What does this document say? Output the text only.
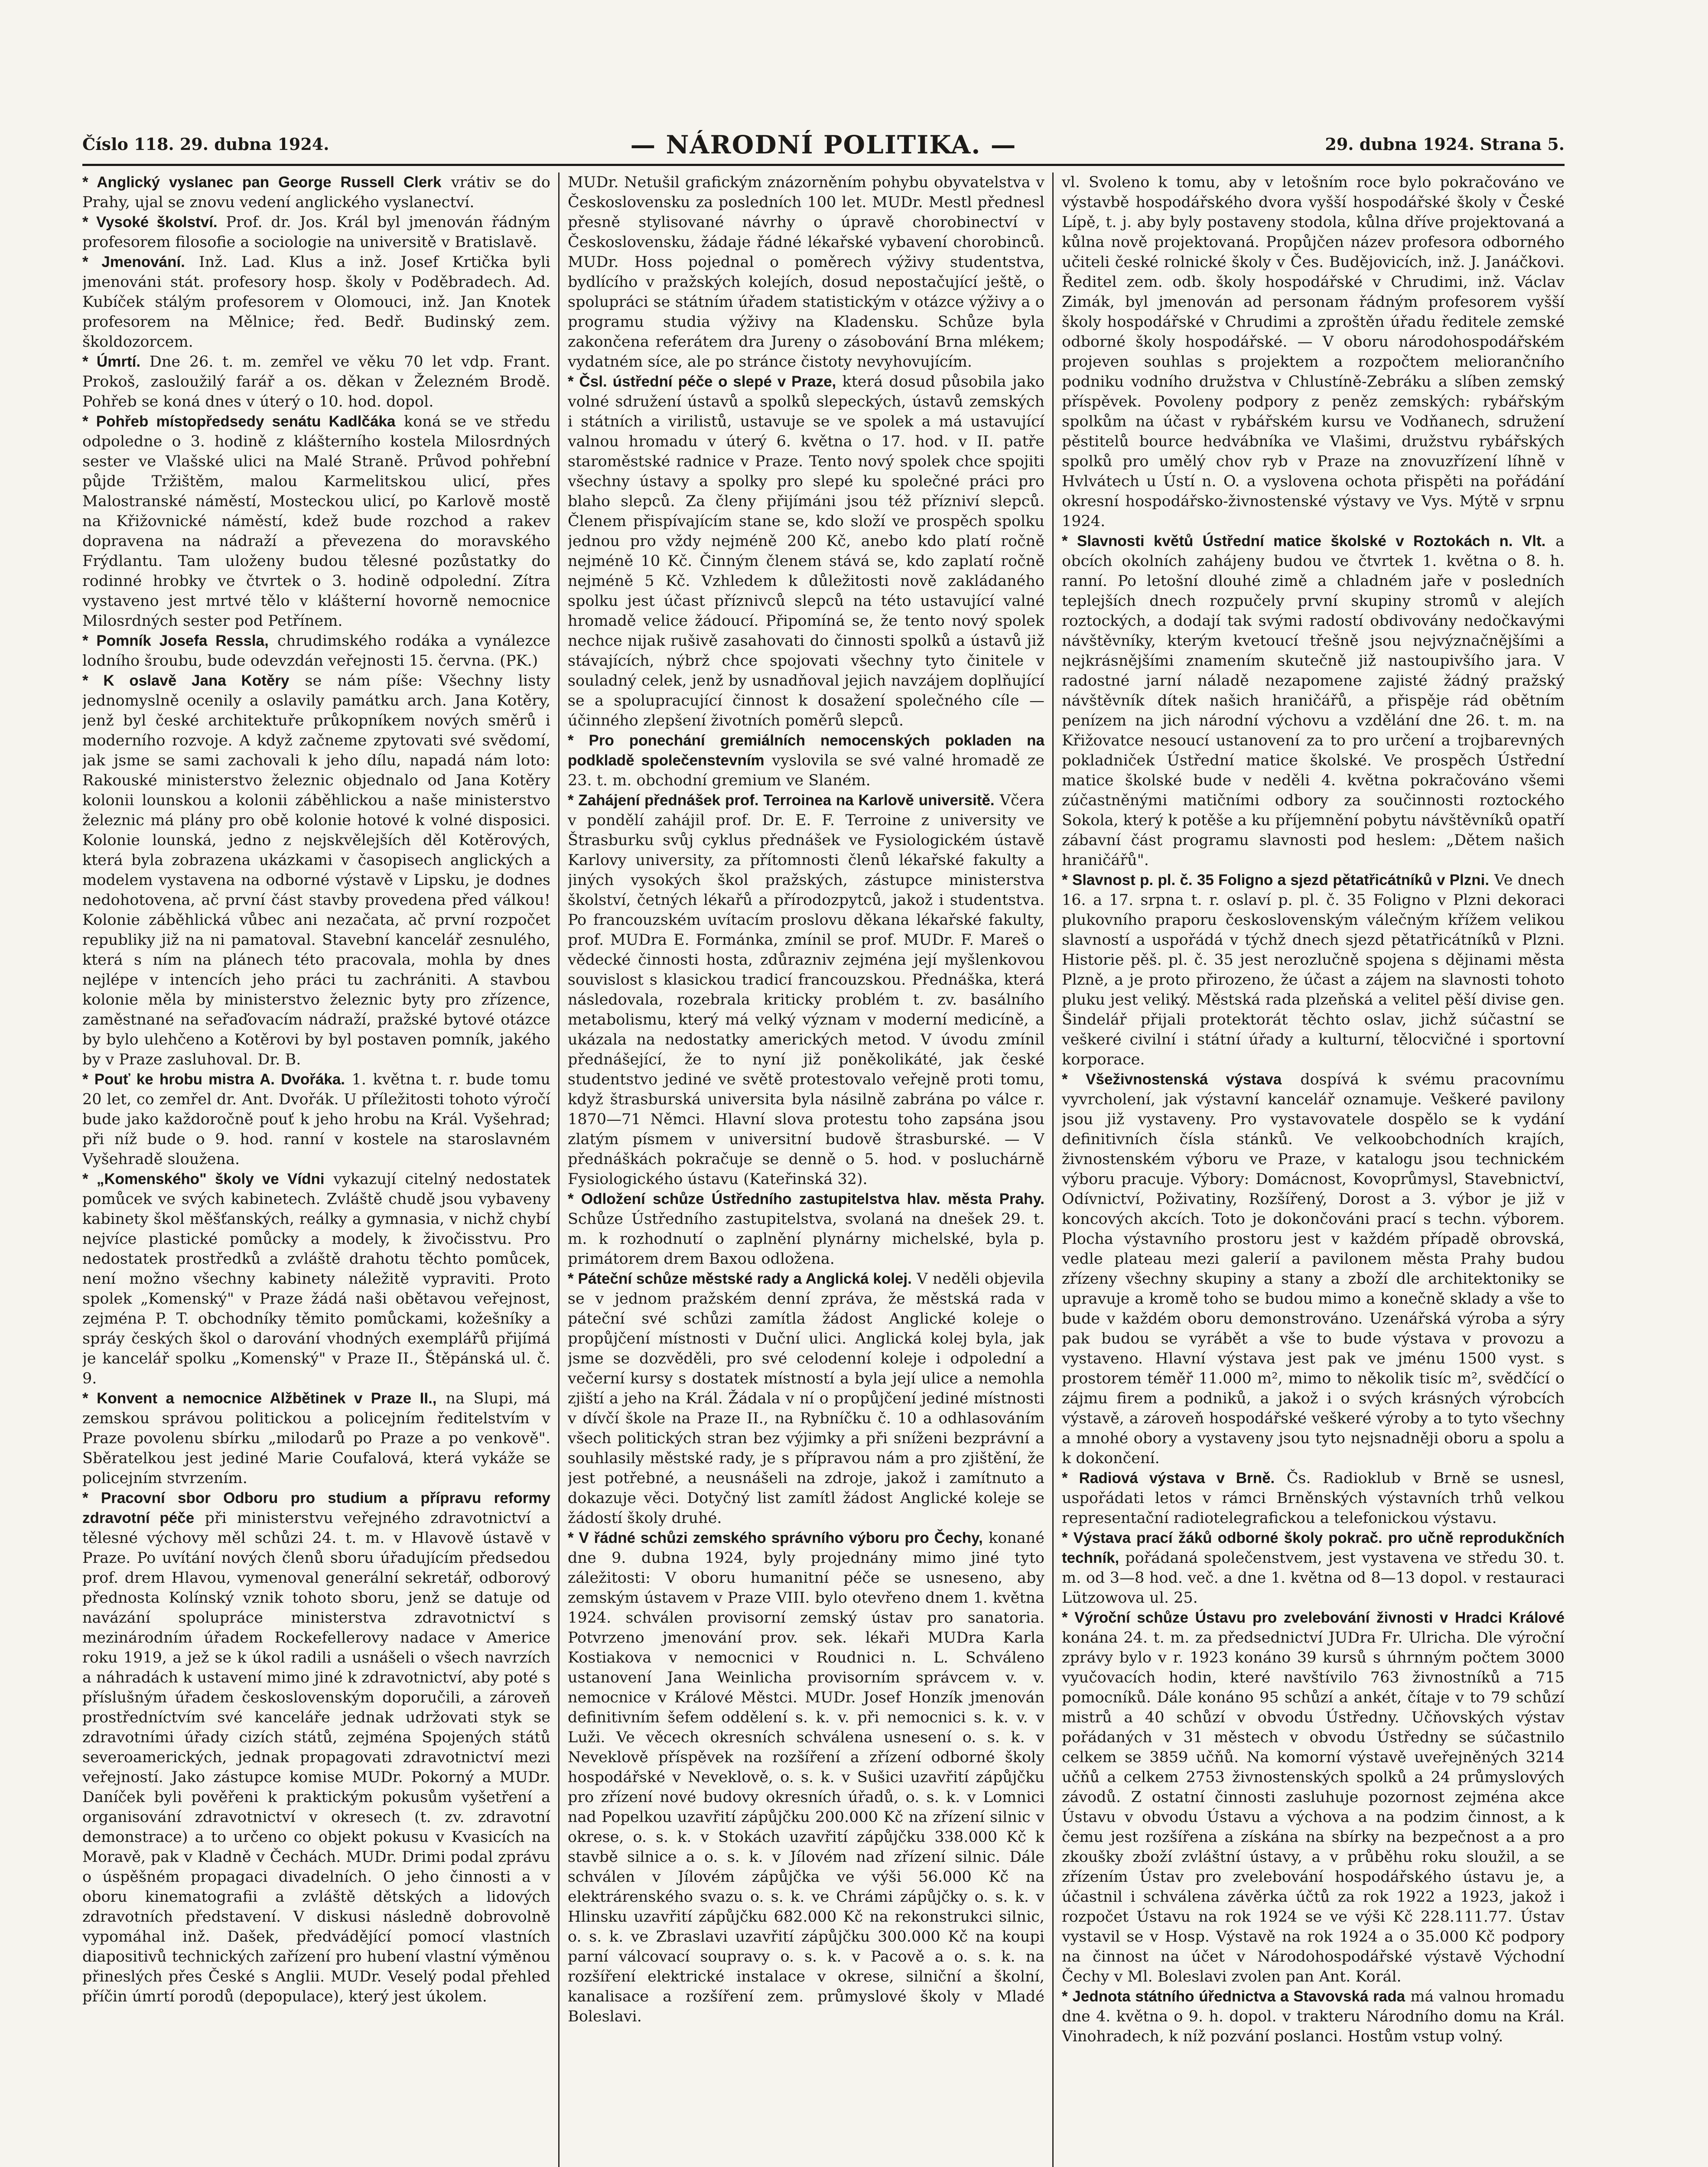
Číslo 118. 29. dubna 1924.	— NÁRODNÍ POLITIKA. —	29. dubna 1924. Strana 5.

* Anglický vyslanec pan George Russell Clerk vrátiv se do Prahy, ujal se znovu vedení anglického vyslanectví.

* Vysoké školství. Prof. dr. Jos. Král byl jmenován řádným profesorem filosofie a sociologie na universitě v Bratislavě.

* Jmenování. Inž. Lad. Klus a inž. Josef Krtička byli jmenováni stát. profesory hosp. školy v Poděbradech. Ad. Kubíček stálým profesorem v Olomouci, inž. Jan Knotek profesorem na Mělnice; řed. Bedř. Budinský zem. školdozorcem.

* Úmrtí. Dne 26. t. m. zemřel ve věku 70 let vdp. Frant. Prokoš, zasloužilý farář a os. děkan v Železném Brodě. Pohřeb se koná dnes v úterý o 10. hod. dopol.

* Pohřeb místopředsedy senátu Kadlčáka koná se ve středu odpoledne o 3. hodině z klášterního kostela Milosrdných sester ve Vlašské ulici na Malé Straně. Průvod pohřební půjde Tržištěm, malou Karmelitskou ulicí, přes Malostranské náměstí, Mosteckou ulicí, po Karlově mostě na Křižovnické náměstí, kdež bude rozchod a rakev dopravena na nádraží a převezena do moravského Frýdlantu. Tam uloženy budou tělesné pozůstatky do rodinné hrobky ve čtvrtek o 3. hodině odpolední. Zítra vystaveno jest mrtvé tělo v klášterní hovorně nemocnice Milosrdných sester pod Petřínem.

* Pomník Josefa Ressla, chrudimského rodáka a vynálezce lodního šroubu, bude odevzdán veřejnosti 15. června. (PK.)

* K oslavě Jana Kotěry se nám píše: Všechny listy jednomyslně ocenily a oslavily památku arch. Jana Kotěry, jenž byl české architektuře průkopníkem nových směrů i moderního rozvoje. A když začneme zpytovati své svědomí, jak jsme se sami zachovali k jeho dílu, napadá nám loto: Rakouské ministerstvo železnic objednalo od Jana Kotěry kolonii lounskou a kolonii záběhlickou a naše ministerstvo železnic má plány pro obě kolonie hotové k volné disposici. Kolonie lounská, jedno z nejskvělejších děl Kotěrových, která byla zobrazena ukázkami v časopisech anglických a modelem vystavena na odborné výstavě v Lipsku, je dodnes nedohotovena, ač první část stavby provedena před válkou! Kolonie záběhlická vůbec ani nezačata, ač první rozpočet republiky již na ni pamatoval. Stavební kancelář zesnulého, která s ním na plánech této pracovala, mohla by dnes nejlépe v intencích jeho práci tu zachrániti. A stavbou kolonie měla by ministerstvo železnic byty pro zřízence, zaměstnané na seřaďovacím nádraží, pražské bytové otázce by bylo ulehčeno a Kotěrovi by byl postaven pomník, jakého by v Praze zasluhoval. Dr. B.

* Pouť ke hrobu mistra A. Dvořáka. 1. května t. r. bude tomu 20 let, co zemřel dr. Ant. Dvořák. U příležitosti tohoto výročí bude jako každoročně pouť k jeho hrobu na Král. Vyšehrad; při níž bude o 9. hod. ranní v kostele na staroslavném Vyšehradě sloužena.

* „Komenského" školy ve Vídni vykazují citelný nedostatek pomůcek ve svých kabinetech. Zvláště chudě jsou vybaveny kabinety škol měšťanských, reálky a gymnasia, v nichž chybí nejvíce plastické pomůcky a modely, k živočisstvu. Pro nedostatek prostředků a zvláště drahotu těchto pomůcek, není možno všechny kabinety náležitě vypraviti. Proto spolek „Komenský" v Praze žádá naši obětavou veřejnost, zejména P. T. obchodníky těmito pomůckami, kožešníky a spráy českých škol o darování vhodných exemplářů přijímá je kancelář spolku „Komenský" v Praze II., Štěpánská ul. č. 9.

* Konvent a nemocnice Alžbětinek v Praze II., na Slupi, má zemskou správou politickou a policejním ředitelstvím v Praze povolenu sbírku „milodarů po Praze a po venkově". Sběratelkou jest jediné Marie Coufalová, která vykáže se policejním stvrzením.

* Pracovní sbor Odboru pro studium a přípravu reformy zdravotní péče při ministerstvu veřejného zdravotnictví a tělesné výchovy měl schůzi 24. t. m. v Hlavově ústavě v Praze. Po uvítání nových členů sboru úřadujícím předsedou prof. drem Hlavou, vymenoval generální sekretář, odborový přednosta Kolínský vznik tohoto sboru, jenž se datuje od navázání spolupráce ministerstva zdravotnictví s mezinárodním úřadem Rockefellerovy nadace v Americe roku 1919, a jež se k úkol radili a usnášeli o všech navrzích a náhradách k ustavení mimo jiné k zdravotnictví, aby poté s příslušným úřadem československým doporučili, a zároveň prostředníctvím své kanceláře jednak udržovati styk se zdravotními úřady cizích států, zejména Spojených států severoamerických, jednak propagovati zdravotnictví mezi veřejností. Jako zástupce komise MUDr. Pokorný a MUDr. Daníček byli pověřeni k praktickým pokusům vyšetření a organisování zdravotnictví v okresech (t. zv. zdravotní demonstrace) a to určeno co objekt pokusu v Kvasicích na Moravě, pak v Kladně v Čechách. MUDr. Drimi podal zprávu o úspěšném propagaci divadelních. O jeho činnosti a v oboru kinematografii a zvláště dětských a lidových zdravotních představení. V diskusi následně dobrovolně vypomáhal inž. Dašek, předvádějící pomocí vlastních diapositivů technických zařízení pro hubení vlastní výměnou přineslých přes České s Anglii. MUDr. Veselý podal přehled příčin úmrtí porodů (depopulace), který jest úkolem.

MUDr. Netušil grafickým znázorněním pohybu obyvatelstva v Československu za posledních 100 let. MUDr. Mestl přednesl přesně stylisované návrhy o úpravě chorobinectví v Československu, žádaje řádné lékařské vybavení chorobinců. MUDr. Hoss pojednal o poměrech výživy studentstva, bydlícího v pražských kolejích, dosud nepostačující ještě, o spolupráci se státním úřadem statistickým v otázce výživy a o programu studia výživy na Kladensku. Schůze byla zakončena referátem dra Jureny o zásobování Brna mlékem; vydatném síce, ale po stránce čistoty nevyhovujícím.

* Čsl. ústřední péče o slepé v Praze, která dosud působila jako volné sdružení ústavů a spolků slepeckých, ústavů zemských i státních a virilistů, ustavuje se ve spolek a má ustavující valnou hromadu v úterý 6. května o 17. hod. v II. patře staroměstské radnice v Praze. Tento nový spolek chce spojiti všechny ústavy a spolky pro slepé ku společné práci pro blaho slepců. Za členy přijímáni jsou též přízniví slepců. Členem přispívajícím stane se, kdo složí ve prospěch spolku jednou pro vždy nejméně 200 Kč, anebo kdo platí ročně nejméně 10 Kč. Činným členem stává se, kdo zaplatí ročně nejméně 5 Kč. Vzhledem k důležitosti nově zakládaného spolku jest účast příznivců slepců na této ustavující valné hromadě velice žádoucí. Připomíná se, že tento nový spolek nechce nijak rušivě zasahovati do činnosti spolků a ústavů již stávajících, nýbrž chce spojovati všechny tyto činitele v souladný celek, jenž by usnadňoval jejich navzájem doplňující se a spolupracující činnost k dosažení společného cíle — účinného zlepšení životních poměrů slepců.

* Pro ponechání gremiálních nemocenských pokladen na podkladě společenstevním vyslovila se své valné hromadě ze 23. t. m. obchodní gremium ve Slaném.

* Zahájení přednášek prof. Terroinea na Karlově universitě. Včera v pondělí zahájil prof. Dr. E. F. Terroine z university ve Štrasburku svůj cyklus přednášek ve Fysiologickém ústavě Karlovy university, za přítomnosti členů lékařské fakulty a jiných vysokých škol pražských, zástupce ministerstva školství, četných lékařů a přírodozpytců, jakož i studentstva. Po francouzském uvítacím proslovu děkana lékařské fakulty, prof. MUDra E. Formánka, zmínil se prof. MUDr. F. Mareš o vědecké činnosti hosta, zdůrazniv zejména její myšlenkovou souvislost s klasickou tradicí francouzskou. Přednáška, která následovala, rozebrala kriticky problém t. zv. basálního metabolismu, který má velký význam v moderní medicíně, a ukázala na nedostatky amerických metod. V úvodu zmínil přednášející, že to nyní již poněkolikáté, jak české studentstvo jediné ve světě protestovalo veřejně proti tomu, když štrasburská universita byla násilně zabrána po válce r. 1870—71 Němci. Hlavní slova protestu toho zapsána jsou zlatým písmem v universitní budově štrasburské. — V přednáškách pokračuje se denně o 5. hod. v posluchárně Fysiologického ústavu (Kateřinská 32).

* Odložení schůze Ústředního zastupitelstva hlav. města Prahy. Schůze Ústředního zastupitelstva, svolaná na dnešek 29. t. m. k rozhodnutí o zaplnění plynárny michelské, byla p. primátorem drem Baxou odložena.

* Páteční schůze městské rady a Anglická kolej. V neděli objevila se v jednom pražském denní zpráva, že městská rada v páteční své schůzi zamítla žádost Anglické koleje o propůjčení místnosti v Duční ulici. Anglická kolej byla, jak jsme se dozvěděli, pro své celodenní koleje i odpolední a večerní kursy s dostatek místností a byla její ulice a nemohla zjiští a jeho na Král. Žádala v ní o propůjčení jediné místnosti v dívčí škole na Praze II., na Rybníčku č. 10 a odhlasováním všech politických stran bez výjimky a při sníženi bezprávní a souhlasily městské rady, je s přípravou nám a pro zjištění, že jest potřebné, a neusnášeli na zdroje, jakož i zamítnuto a dokazuje věci. Dotyčný list zamítl žádost Anglické koleje se žádostí školy druhé.

* V řádné schůzi zemského správního výboru pro Čechy, konané dne 9. dubna 1924, byly projednány mimo jiné tyto záležitosti: V oboru humanitní péče se usneseno, aby zemským ústavem v Praze VIII. bylo otevřeno dnem 1. května 1924. schválen provisorní zemský ústav pro sanatoria. Potvrzeno jmenování prov. sek. lékaři MUDra Karla Kostiakova v nemocnici v Roudnici n. L. Schváleno ustanovení Jana Weinlicha provisorním správcem v. v. nemocnice v Králové Městci. MUDr. Josef Honzík jmenován definitivním šefem oddělení s. k. v. při nemocnici s. k. v. v Luži. Ve věcech okresních schválena usnesení o. s. k. v Neveklově příspěvek na rozšíření a zřízení odborné školy hospodářské v Neveklově, o. s. k. v Sušici uzavřití zápůjčku pro zřízení nové budovy okresních úřadů, o. s. k. v Lomnici nad Popelkou uzavřití zápůjčku 200.000 Kč na zřízení silnic v okrese, o. s. k. v Stokách uzavřití zápůjčku 338.000 Kč k stavbě silnice a o. s. k. v Jílovém nad zřízení silnic. Dále schválen v Jílovém zápůjčka ve výši 56.000 Kč na elektrárenského svazu o. s. k. ve Chrámi zápůjčky o. s. k. v Hlinsku uzavřití zápůjčku 682.000 Kč na rekonstrukci silnic, o. s. k. ve Zbraslavi uzavřití zápůjčku 300.000 Kč na koupi parní válcovací soupravy o. s. k. v Pacově a o. s. k. na rozšíření elektrické instalace v okrese, silniční a školní, kanalisace a rozšíření zem. průmyslové školy v Mladé Boleslavi.

vl. Svoleno k tomu, aby v letošním roce bylo pokračováno ve výstavbě hospodářského dvora vyšší hospodářské školy v České Lípě, t. j. aby byly postaveny stodola, kůlna dříve projektovaná a kůlna nově projektovaná. Propůjčen název profesora odborného učiteli české rolnické školy v Čes. Budějovicích, inž. J. Janáčkovi. Ředitel zem. odb. školy hospodářské v Chrudimi, inž. Václav Zimák, byl jmenován ad personam řádným profesorem vyšší školy hospodářské v Chrudimi a zproštěn úřadu ředitele zemské odborné školy hospodářské. — V oboru národohospodářském projeven souhlas s projektem a rozpočtem meliorančního podniku vodního družstva v Chlustíně-Zebráku a slíben zemský příspěvek. Povoleny podpory z peněz zemských: rybářským spolkům na účast v rybářském kursu ve Vodňanech, sdružení pěstitelů bource hedvábníka ve Vlašimi, družstvu rybářských spolků pro umělý chov ryb v Praze na znovuzřízení líhně v Hvlvátech u Ústí n. O. a vyslovena ochota přispěti na pořádání okresní hospodářsko-živnostenské výstavy ve Vys. Mýtě v srpnu 1924.

* Slavnosti květů Ústřední matice školské v Roztokách n. Vlt. a obcích okolních zahájeny budou ve čtvrtek 1. května o 8. h. ranní. Po letošní dlouhé zimě a chladném jaře v posledních teplejších dnech rozpučely první skupiny stromů v alejích roztockých, a dodají tak svými radostí obdivovány nedočkavými návštěvníky, kterým kvetoucí třešně jsou nejvýznačnějšími a nejkrásnějšími znamením skutečně již nastoupivšího jara. V radostné jarní náladě nezapomene zajisté žádný pražský návštěvník dítek našich hraničářů, a přispěje rád obětním penízem na jich národní výchovu a vzdělání dne 26. t. m. na Křižovatce nesoucí ustanovení za to pro určení a trojbarevných pokladniček Ústřední matice školské. Ve prospěch Ústřední matice školské bude v neděli 4. května pokračováno všemi zúčastněnými matičními odbory za součinnosti roztockého Sokola, který k potěše a ku příjemnění pobytu návštěvníků opatří zábavní část programu slavnosti pod heslem: „Dětem našich hraničářů".

* Slavnost p. pl. č. 35 Foligno a sjezd pětatřicátníků v Plzni. Ve dnech 16. a 17. srpna t. r. oslaví p. pl. č. 35 Foligno v Plzni dekoraci plukovního praporu československým válečným křížem velikou slavností a uspořádá v týchž dnech sjezd pětatřicátníků v Plzni. Historie pěš. pl. č. 35 jest nerozlučně spojena s dějinami města Plzně, a je proto přirozeno, že účast a zájem na slavnosti tohoto pluku jest veliký. Městská rada plzeňská a velitel pěší divise gen. Šindelář přijali protektorát těchto oslav, jichž súčastní se veškeré civilní i státní úřady a kulturní, tělocvičné i sportovní korporace.

* Všeživnostenská výstava dospívá k svému pracovnímu vyvrcholení, jak výstavní kancelář oznamuje. Veškeré pavilony jsou již vystaveny. Pro vystavovatele dospělo se k vydání definitivních čísla stánků. Ve velkoobchodních krajích, živnostenském výboru ve Praze, v katalogu jsou technickém výboru pracuje. Výbory: Domácnost, Kovoprůmysl, Stavebnictví, Odívnictví, Poživatiny, Rozšířený, Dorost a 3. výbor je již v koncových akcích. Toto je dokončováni prací s techn. výborem. Plocha výstavního prostoru jest v každém případě obrovská, vedle plateau mezi galerií a pavilonem města Prahy budou zřízeny všechny skupiny a stany a zboží dle architektoniky se upravuje a kromě toho se budou mimo a konečně sklady a vše to bude v každém oboru demonstrováno. Uzenářská výroba a sýry pak budou se vyrábět a vše to bude výstava v provozu a vystaveno. Hlavní výstava jest pak ve jménu 1500 vyst. s prostorem téměř 11.000 m², mimo to několik tisíc m², svědčící o zájmu firem a podniků, a jakož i o svých krásných výrobcích výstavě, a zároveň hospodářské veškeré výroby a to tyto všechny a mnohé obory a vystaveny jsou tyto nejsnadněji oboru a spolu a k dokončení.

* Radiová výstava v Brně. Čs. Radioklub v Brně se usnesl, uspořádati letos v rámci Brněnských výstavních trhů velkou representační radiotelegrafickou a telefonickou výstavu.

* Výstava prací žáků odborné školy pokrač. pro učně reprodukčních techník, pořádaná společenstvem, jest vystavena ve středu 30. t. m. od 3—8 hod. več. a dne 1. května od 8—13 dopol. v restauraci Lützowova ul. 25.

* Výroční schůze Ústavu pro zvelebování živnosti v Hradci Králové konána 24. t. m. za předsednictví JUDra Fr. Ulricha. Dle výroční zprávy bylo v r. 1923 konáno 39 kursů s úhrnným počtem 3000 vyučovacích hodin, které navštívilo 763 živnostníků a 715 pomocníků. Dále konáno 95 schůzí a ankét, čítaje v to 79 schůzí mistrů a 40 schůzí v obvodu Ústředny. Učňovských výstav pořádaných v 31 městech v obvodu Ústředny se súčastnilo celkem se 3859 učňů. Na komorní výstavě uveřejněných 3214 učňů a celkem 2753 živnostenských spolků a 24 průmyslových závodů. Z ostatní činnosti zasluhuje pozornost zejména akce Ústavu v obvodu Ústavu a výchova a na podzim činnost, a k čemu jest rozšířena a získána na sbírky na bezpečnost a a pro zkoušky zboží zvláštní ústavy, a v průběhu roku sloužil, a se zřízením Ústav pro zvelebování hospodářského ústavu je, a účastnil i schválena závěrka účtů za rok 1922 a 1923, jakož i rozpočet Ústavu na rok 1924 se ve výši Kč 228.111.77. Ústav vystavil se v Hosp. Výstavě na rok 1924 a o 35.000 Kč podpory na činnost na účet v Národohospodářské výstavě Východní Čechy v Ml. Boleslavi zvolen pan Ant. Korál.

* Jednota státního úřednictva a Stavovská rada má valnou hromadu dne 4. května o 9. h. dopol. v trakteru Národního domu na Král. Vinohradech, k níž pozvání poslanci. Hostům vstup volný.
